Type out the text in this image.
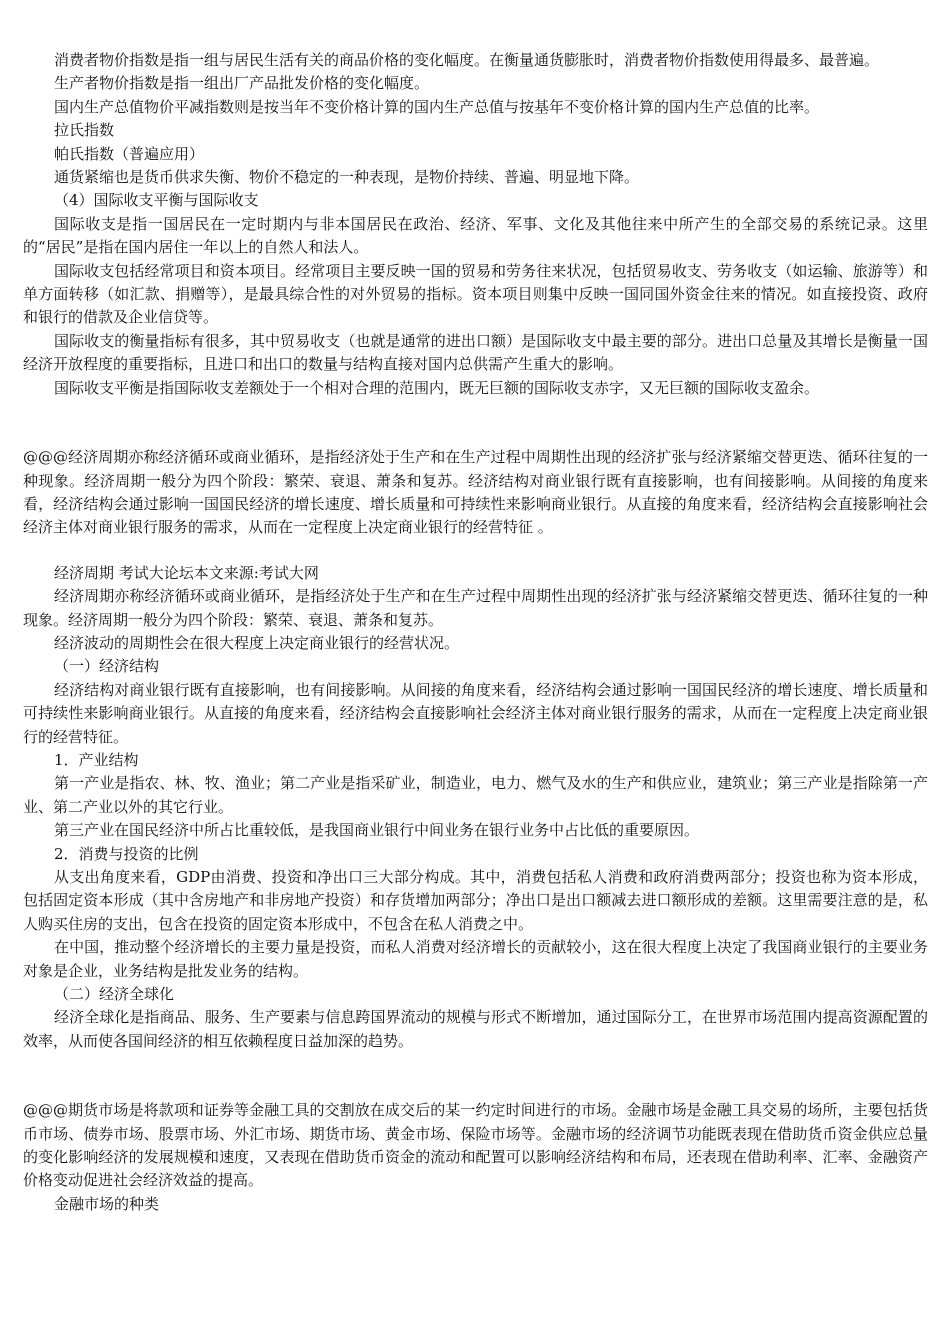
消费者物价指数是指一组与居民生活有关的商品价格的变化幅度。在衡量通货膨胀时，消费者物价指数使用得最多、最普遍。

生产者物价指数是指一组出厂产品批发价格的变化幅度。

国内生产总值物价平减指数则是按当年不变价格计算的国内生产总值与按基年不变价格计算的国内生产总值的比率。

拉氏指数

帕氏指数（普遍应用）

通货紧缩也是货币供求失衡、物价不稳定的一种表现，是物价持续、普遍、明显地下降。

（4）国际收支平衡与国际收支

国际收支是指一国居民在一定时期内与非本国居民在政治、经济、军事、文化及其他往来中所产生的全部交易的系统记录。这里的“居民”是指在国内居住一年以上的自然人和法人。

国际收支包括经常项目和资本项目。经常项目主要反映一国的贸易和劳务往来状况，包括贸易收支、劳务收支（如运输、旅游等）和单方面转移（如汇款、捐赠等），是最具综合性的对外贸易的指标。资本项目则集中反映一国同国外资金往来的情况。如直接投资、政府和银行的借款及企业信贷等。

国际收支的衡量指标有很多，其中贸易收支（也就是通常的进出口额）是国际收支中最主要的部分。进出口总量及其增长是衡量一国经济开放程度的重要指标，且进口和出口的数量与结构直接对国内总供需产生重大的影响。

国际收支平衡是指国际收支差额处于一个相对合理的范围内，既无巨额的国际收支赤字，又无巨额的国际收支盈余。

@@@经济周期亦称经济循环或商业循环，是指经济处于生产和在生产过程中周期性出现的经济扩张与经济紧缩交替更迭、循环往复的一种现象。经济周期一般分为四个阶段：繁荣、衰退、萧条和复苏。经济结构对商业银行既有直接影响，也有间接影响。从间接的角度来看，经济结构会通过影响一国国民经济的增长速度、增长质量和可持续性来影响商业银行。从直接的角度来看，经济结构会直接影响社会经济主体对商业银行服务的需求，从而在一定程度上决定商业银行的经营特征 。

经济周期 考试大论坛本文来源:考试大网

经济周期亦称经济循环或商业循环，是指经济处于生产和在生产过程中周期性出现的经济扩张与经济紧缩交替更迭、循环往复的一种现象。经济周期一般分为四个阶段：繁荣、衰退、萧条和复苏。

经济波动的周期性会在很大程度上决定商业银行的经营状况。

（一）经济结构

经济结构对商业银行既有直接影响，也有间接影响。从间接的角度来看，经济结构会通过影响一国国民经济的增长速度、增长质量和可持续性来影响商业银行。从直接的角度来看，经济结构会直接影响社会经济主体对商业银行服务的需求，从而在一定程度上决定商业银行的经营特征。

1．产业结构

第一产业是指农、林、牧、渔业；第二产业是指采矿业，制造业，电力、燃气及水的生产和供应业，建筑业；第三产业是指除第一产业、第二产业以外的其它行业。

第三产业在国民经济中所占比重较低，是我国商业银行中间业务在银行业务中占比低的重要原因。

2．消费与投资的比例

从支出角度来看，GDP由消费、投资和净出口三大部分构成。其中，消费包括私人消费和政府消费两部分；投资也称为资本形成，包括固定资本形成（其中含房地产和非房地产投资）和存货增加两部分；净出口是出口额减去进口额形成的差额。这里需要注意的是，私人购买住房的支出，包含在投资的固定资本形成中，不包含在私人消费之中。

在中国，推动整个经济增长的主要力量是投资，而私人消费对经济增长的贡献较小，这在很大程度上决定了我国商业银行的主要业务对象是企业，业务结构是批发业务的结构。

（二）经济全球化

经济全球化是指商品、服务、生产要素与信息跨国界流动的规模与形式不断增加，通过国际分工，在世界市场范围内提高资源配置的效率，从而使各国间经济的相互依赖程度日益加深的趋势。

@@@期货市场是将款项和证券等金融工具的交割放在成交后的某一约定时间进行的市场。金融市场是金融工具交易的场所，主要包括货币市场、债券市场、股票市场、外汇市场、期货市场、黄金市场、保险市场等。金融市场的经济调节功能既表现在借助货币资金供应总量的变化影响经济的发展规模和速度，又表现在借助货币资金的流动和配置可以影响经济结构和布局，还表现在借助利率、汇率、金融资产价格变动促进社会经济效益的提高。

金融市场的种类
